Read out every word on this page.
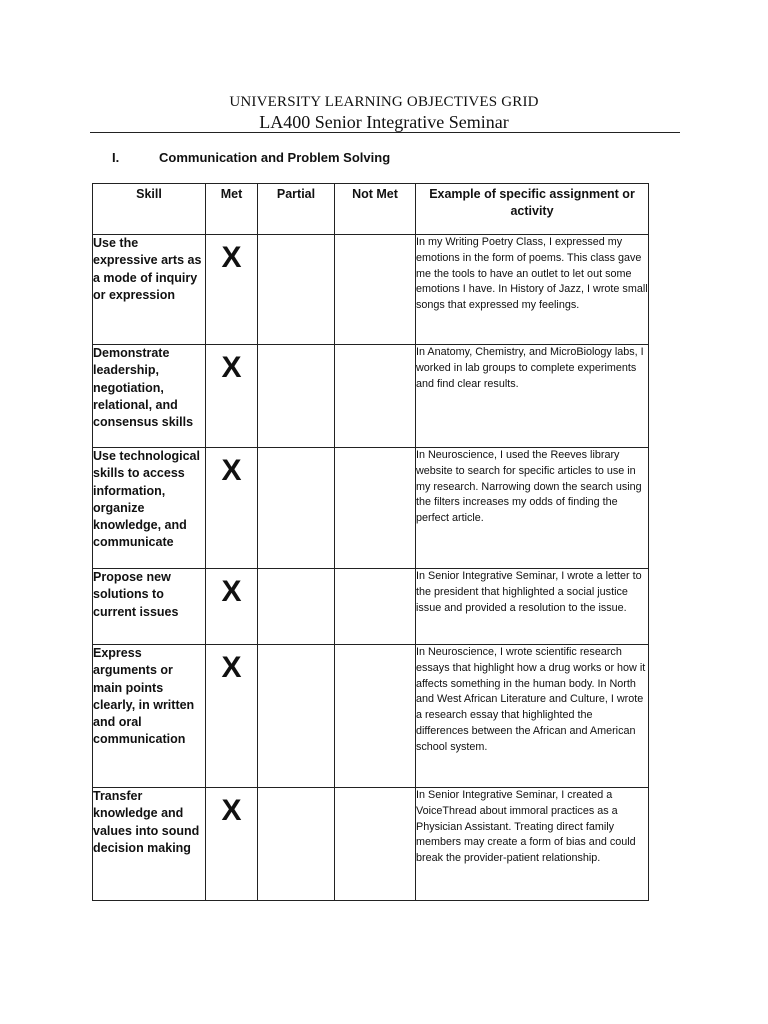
UNIVERSITY LEARNING OBJECTIVES GRID
LA400 Senior Integrative Seminar
I.	Communication and Problem Solving
Skill	Met	Partial	Not Met	Example of specific assignment or activity
Use the expressive arts as a mode of inquiry or expression	X			In my Writing Poetry Class, I expressed my emotions in the form of poems. This class gave me the tools to have an outlet to let out some emotions I have. In History of Jazz, I wrote small songs that expressed my feelings.
Demonstrate leadership, negotiation, relational, and consensus skills	X			In Anatomy, Chemistry, and MicroBiology labs, I worked in lab groups to complete experiments and find clear results.
Use technological skills to access information, organize knowledge, and communicate	X			In Neuroscience, I used the Reeves library website to search for specific articles to use in my research. Narrowing down the search using the filters increases my odds of finding the perfect article.
Propose new solutions to current issues	X			In Senior Integrative Seminar, I wrote a letter to the president that highlighted a social justice issue and provided a resolution to the issue.
Express arguments or main points clearly, in written and oral communication	X			In Neuroscience, I wrote scientific research essays that highlight how a drug works or how it affects something in the human body. In North and West African Literature and Culture, I wrote a research essay that highlighted the differences between the African and American school system.
Transfer knowledge and values into sound decision making	X			In Senior Integrative Seminar, I created a VoiceThread about immoral practices as a Physician Assistant. Treating direct family members may create a form of bias and could break the provider-patient relationship.
